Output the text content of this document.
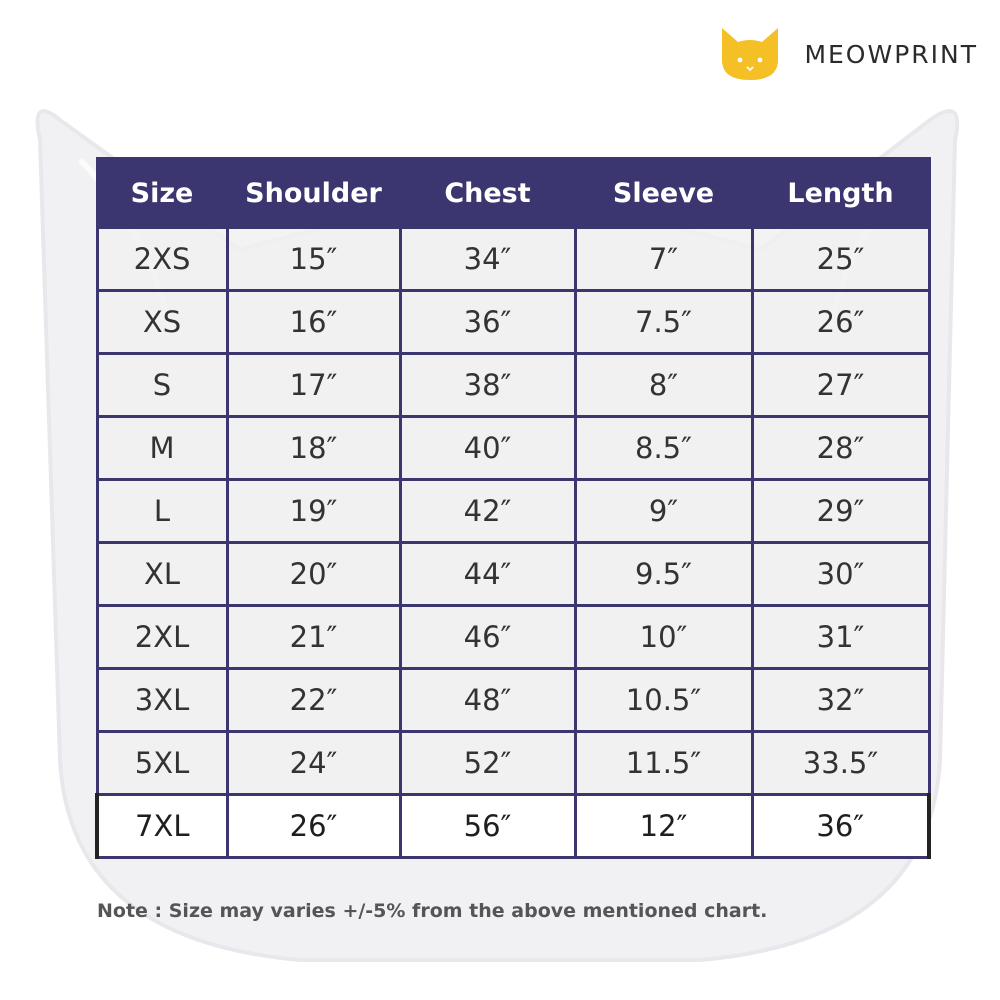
MEOWPRINT
Size	Shoulder	Chest	Sleeve	Length
2XS	15″	34″	7″	25″
XS	16″	36″	7.5″	26″
S	17″	38″	8″	27″
M	18″	40″	8.5″	28″
L	19″	42″	9″	29″
XL	20″	44″	9.5″	30″
2XL	21″	46″	10″	31″
3XL	22″	48″	10.5″	32″
5XL	24″	52″	11.5″	33.5″
7XL	26″	56″	12″	36″
Note : Size may varies +/-5% from the above mentioned chart.
